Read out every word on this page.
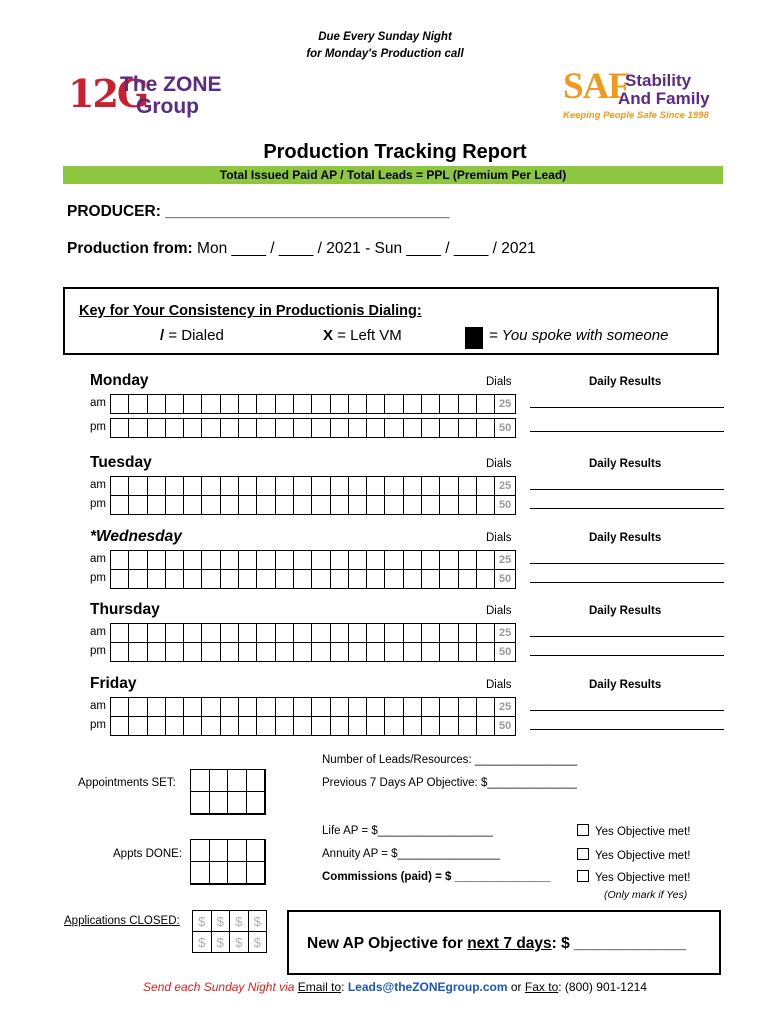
Due Every Sunday Night
for Monday's Production call
12G
The ZONE
Group	SAF
Stability
And Family
Keeping People Safe Since 1998
Production Tracking Report
Total Issued Paid AP / Total Leads = PPL (Premium Per Lead)
PRODUCER: _________________________________
Production from: Mon ____ / ____ / 2021 - Sun ____ / ____ / 2021
Key for Your Consistency in Productionis Dialing:
/ = Dialed	X = Left VM	= You spoke with someone
Monday	Dials	Daily Results
am	25
pm	50
Tuesday	Dials	Daily Results
am	25
pm	50
*Wednesday	Dials	Daily Results
am	25
pm	50
Thursday	Dials	Daily Results
am	25
pm	50
Friday	Dials	Daily Results
am	25
pm	50
Number of Leads/Resources: ________________
Previous 7 Days AP Objective: $______________
Appointments SET:
Life AP = $__________________
Annuity AP = $________________
Commissions (paid) = $ _______________
Yes Objective met!
Yes Objective met!
Yes Objective met!
(Only mark if Yes)
Appts DONE:
Applications CLOSED:	$ $ $ $
$ $ $ $	New AP Objective for next 7 days: $ _____________
Send each Sunday Night via Email to: Leads@theZONEgroup.com or Fax to: (800) 901-1214
